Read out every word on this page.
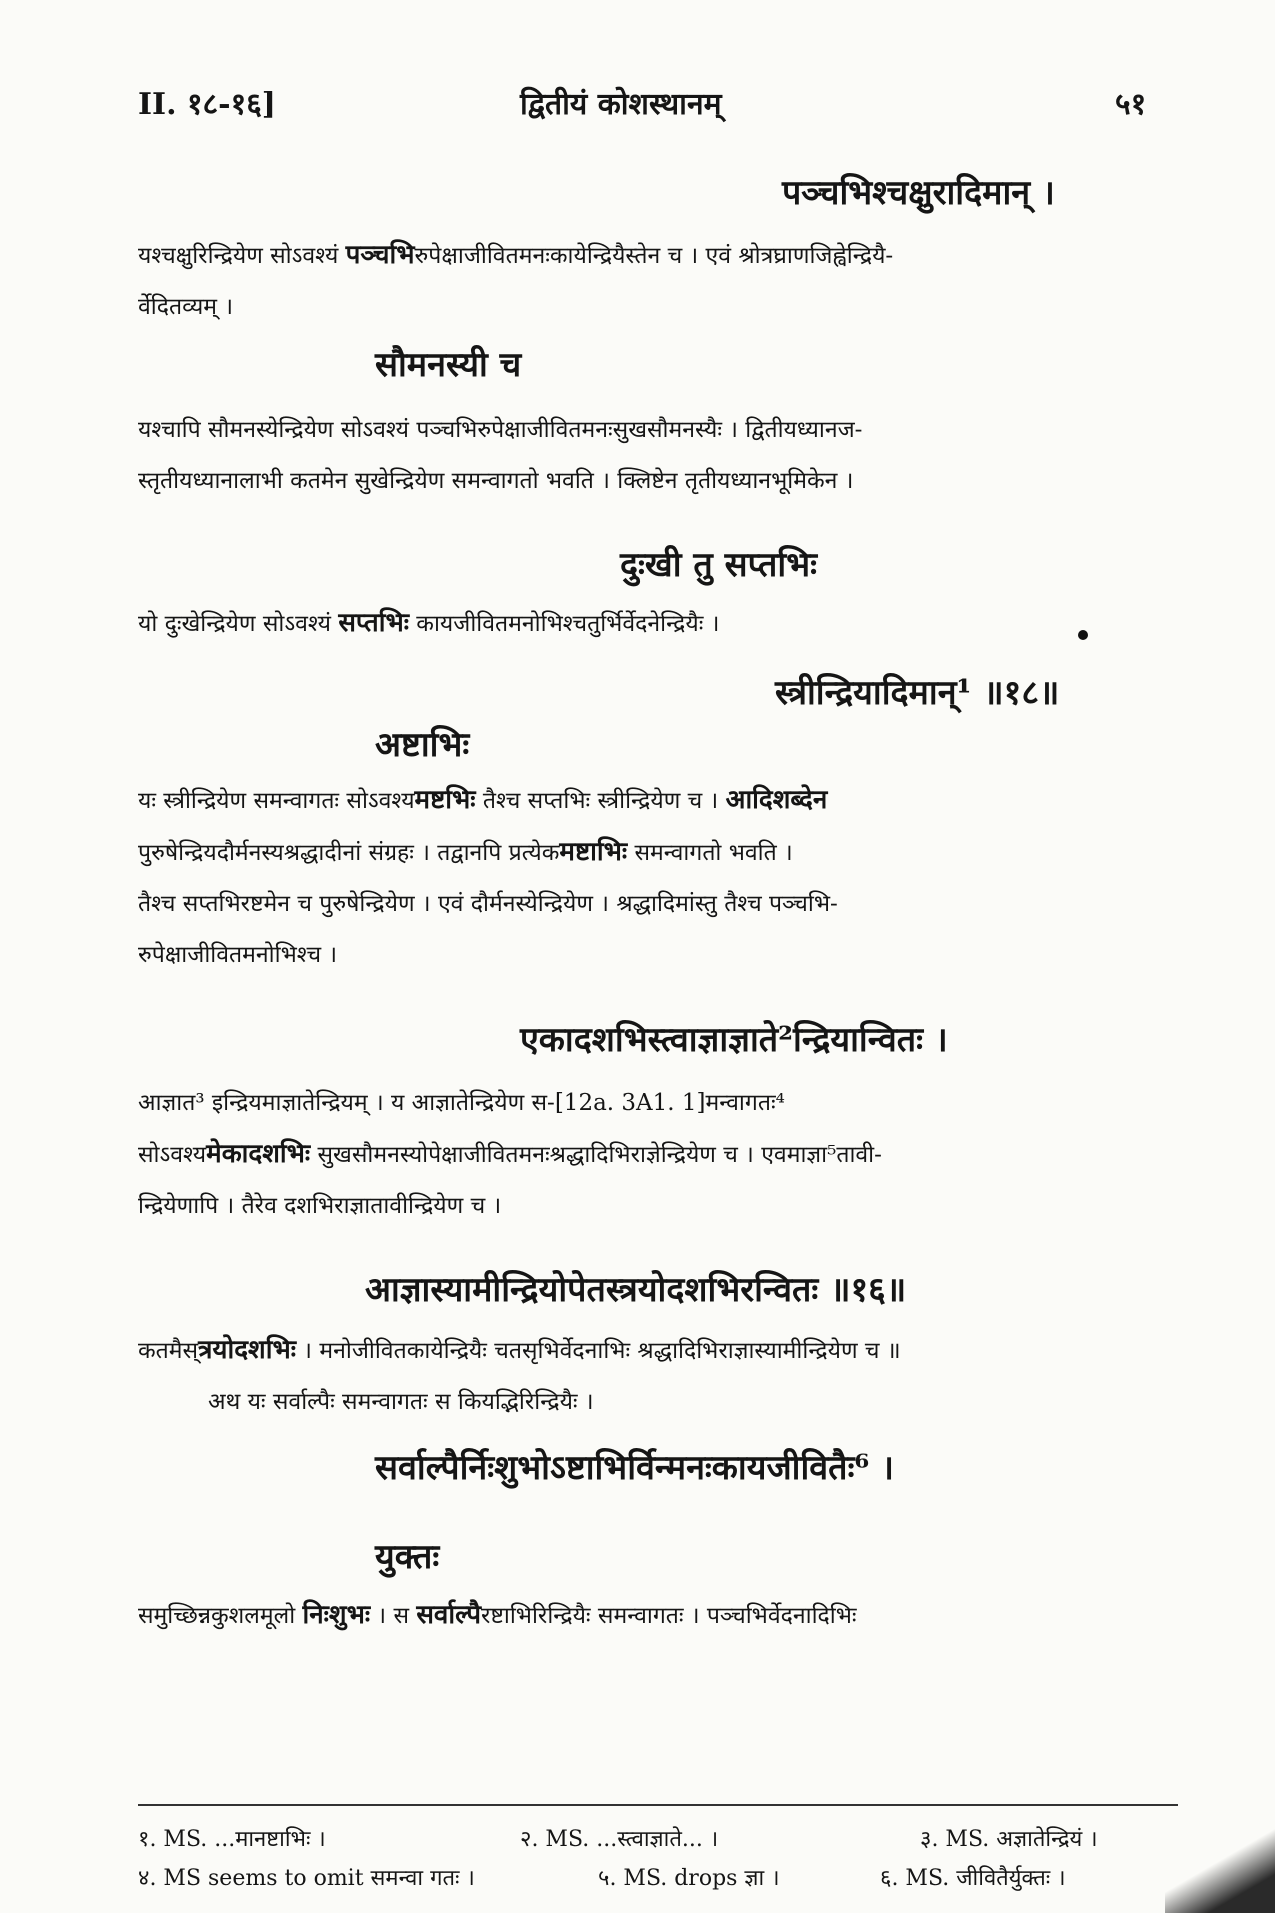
II. १८-१६]	द्वितीयं कोशस्थानम्	५१
पञ्चभिश्चक्षुरादिमान् ।
यश्चक्षुरिन्द्रियेण सोऽवश्यं पञ्चभिरुपेक्षाजीवितमनःकायेन्द्रियैस्तेन च । एवं श्रोत्रघ्राणजिह्वेन्द्रियै-
र्वेदितव्यम् ।
सौमनस्यी च
यश्चापि सौमनस्येन्द्रियेण सोऽवश्यं पञ्चभिरुपेक्षाजीवितमनःसुखसौमनस्यैः । द्वितीयध्यानज-
स्तृतीयध्यानालाभी कतमेन सुखेन्द्रियेण समन्वागतो भवति । क्लिष्टेन तृतीयध्यानभूमिकेन ।
दुःखी तु सप्तभिः
यो दुःखेन्द्रियेण सोऽवश्यं सप्तभिः कायजीवितमनोभिश्चतुर्भिर्वेदनेन्द्रियैः ।
स्त्रीन्द्रियादिमान्¹ ॥१८॥
अष्टाभिः
यः स्त्रीन्द्रियेण समन्वागतः सोऽवश्यमष्टभिः तैश्च सप्तभिः स्त्रीन्द्रियेण च । आदिशब्देन
पुरुषेन्द्रियदौर्मनस्यश्रद्धादीनां संग्रहः । तद्वानपि प्रत्येकमष्टाभिः समन्वागतो भवति ।
तैश्च सप्तभिरष्टमेन च पुरुषेन्द्रियेण । एवं दौर्मनस्येन्द्रियेण । श्रद्धादिमांस्तु तैश्च पञ्चभि-
रुपेक्षाजीवितमनोभिश्च ।
एकादशभिस्त्वाज्ञाज्ञाते²न्द्रियान्वितः ।
आज्ञात³ इन्द्रियमाज्ञातेन्द्रियम् । य आज्ञातेन्द्रियेण स-[12a. 3A1. 1]मन्वागतः⁴
सोऽवश्यमेकादशभिः सुखसौमनस्योपेक्षाजीवितमनःश्रद्धादिभिराज्ञेन्द्रियेण च । एवमाज्ञा⁵तावी-
न्द्रियेणापि । तैरेव दशभिराज्ञातावीन्द्रियेण च ।
आज्ञास्यामीन्द्रियोपेतस्त्रयोदशभिरन्वितः ॥१६॥
कतमैस्त्रयोदशभिः । मनोजीवितकायेन्द्रियैः चतसृभिर्वेदनाभिः श्रद्धादिभिराज्ञास्यामीन्द्रियेण च ॥
अथ यः सर्वाल्पैः समन्वागतः स कियद्भिरिन्द्रियैः ।
सर्वाल्पैर्निःशुभोऽष्टाभिर्विन्मनःकायजीवितैः⁶ ।
युक्तः
समुच्छिन्नकुशलमूलो निःशुभः । स सर्वाल्पैरष्टाभिरिन्द्रियैः समन्वागतः । पञ्चभिर्वेदनादिभिः
१. MS. ...मानष्टाभिः ।	२. MS. ...स्त्वाज्ञाते... ।	३. MS. अज्ञातेन्द्रियं ।
४. MS seems to omit समन्वा गतः ।	५. MS. drops ज्ञा ।	६. MS. जीवितैर्युक्तः ।
